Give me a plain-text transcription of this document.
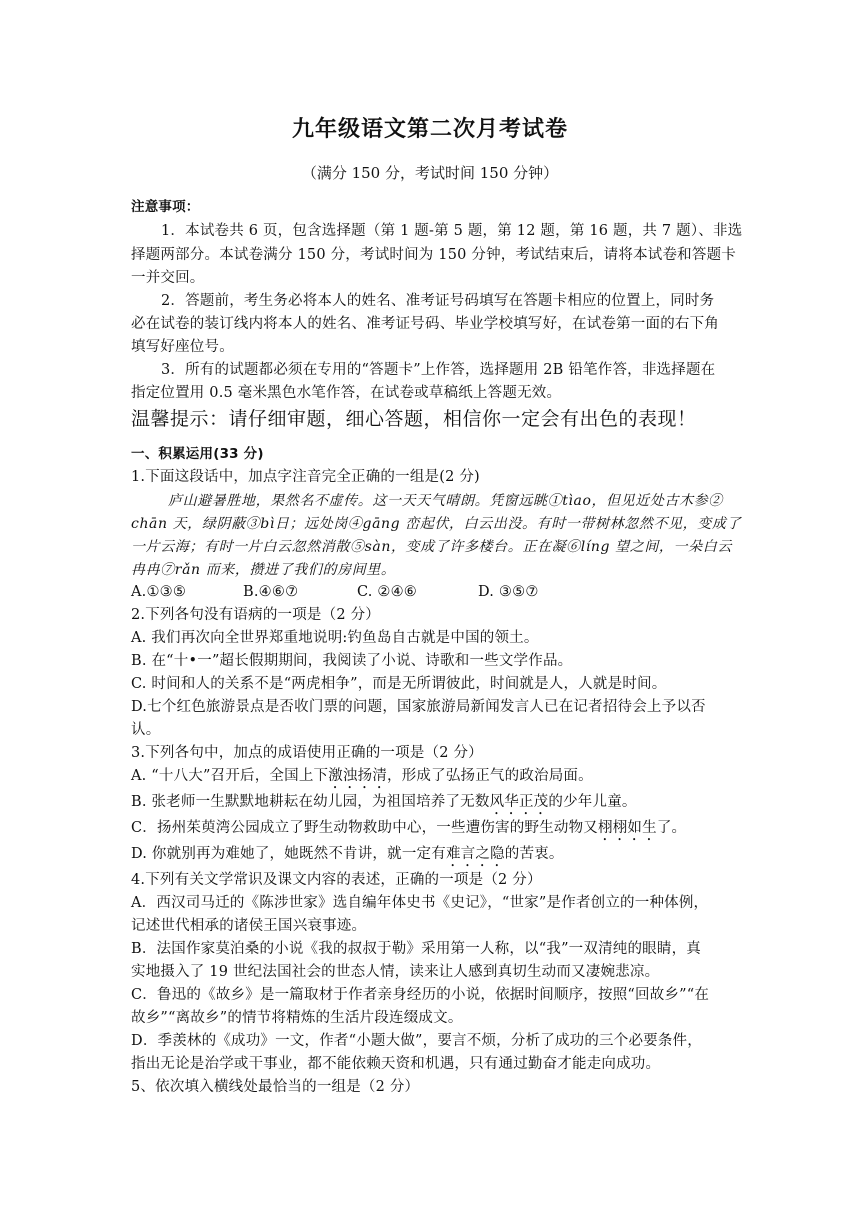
九年级语文第二次月考试卷
（满分 150 分，考试时间 150 分钟）
注意事项：
1．本试卷共 6 页，包含选择题（第 1 题-第 5 题，第 12 题，第 16 题，共 7 题）、非选
择题两部分。本试卷满分 150 分，考试时间为 150 分钟，考试结束后，请将本试卷和答题卡
一并交回。
2．答题前，考生务必将本人的姓名、准考证号码填写在答题卡相应的位置上，同时务
必在试卷的装订线内将本人的姓名、准考证号码、毕业学校填写好，在试卷第一面的右下角
填写好座位号。
3．所有的试题都必须在专用的“答题卡”上作答，选择题用 2B 铅笔作答，非选择题在
指定位置用 0.5 毫米黑色水笔作答，在试卷或草稿纸上答题无效。
温馨提示：请仔细审题，细心答题，相信你一定会有出色的表现！
一、积累运用(33 分)
1.下面这段话中，加点字注音完全正确的一组是(2 分)
庐山避暑胜地，果然名不虚传。这一天天气晴朗。凭窗远眺①tìao，但见近处古木参②
chān 天，绿阴蔽③bì日；远处岗④gāng 峦起伏，白云出没。有时一带树林忽然不见，变成了
一片云海；有时一片白云忽然消散⑤sàn，变成了许多楼台。正在凝⑥líng 望之间，一朵白云
冉冉⑦rǎn 而来，攒进了我们的房间里。
A.①③⑤	B.④⑥⑦	C. ②④⑥	D. ③⑤⑦
2.下列各句没有语病的一项是（2 分）
A. 我们再次向全世界郑重地说明:钓鱼岛自古就是中国的领土。
B. 在“十•一”超长假期期间，我阅读了小说、诗歌和一些文学作品。
C. 时间和人的关系不是“两虎相争”，而是无所谓彼此，时间就是人，人就是时间。
D.七个红色旅游景点是否收门票的问题，国家旅游局新闻发言人已在记者招待会上予以否
认。
3.下列各句中，加点的成语使用正确的一项是（2 分）
A. “十八大”召开后，全国上下激浊扬清，形成了弘扬正气的政治局面。
B. 张老师一生默默地耕耘在幼儿园，为祖国培养了无数风华正茂的少年儿童。
C．扬州茱萸湾公园成立了野生动物救助中心，一些遭伤害的野生动物又栩栩如生了。
D. 你就别再为难她了，她既然不肯讲，就一定有难言之隐的苦衷。
4.下列有关文学常识及课文内容的表述，正确的一项是（2 分）
A．西汉司马迁的《陈涉世家》选自编年体史书《史记》，“世家”是作者创立的一种体例，
记述世代相承的诸侯王国兴衰事迹。
B．法国作家莫泊桑的小说《我的叔叔于勒》采用第一人称，以“我”一双清纯的眼睛，真
实地摄入了 19 世纪法国社会的世态人情，读来让人感到真切生动而又凄婉悲凉。
C．鲁迅的《故乡》是一篇取材于作者亲身经历的小说，依据时间顺序，按照“回故乡”“在
故乡”“离故乡”的情节将精炼的生活片段连缀成文。
D．季羡林的《成功》一文，作者“小题大做”，要言不烦，分析了成功的三个必要条件，
指出无论是治学或干事业，都不能依赖天资和机遇，只有通过勤奋才能走向成功。
5、依次填入横线处最恰当的一组是（2 分）
